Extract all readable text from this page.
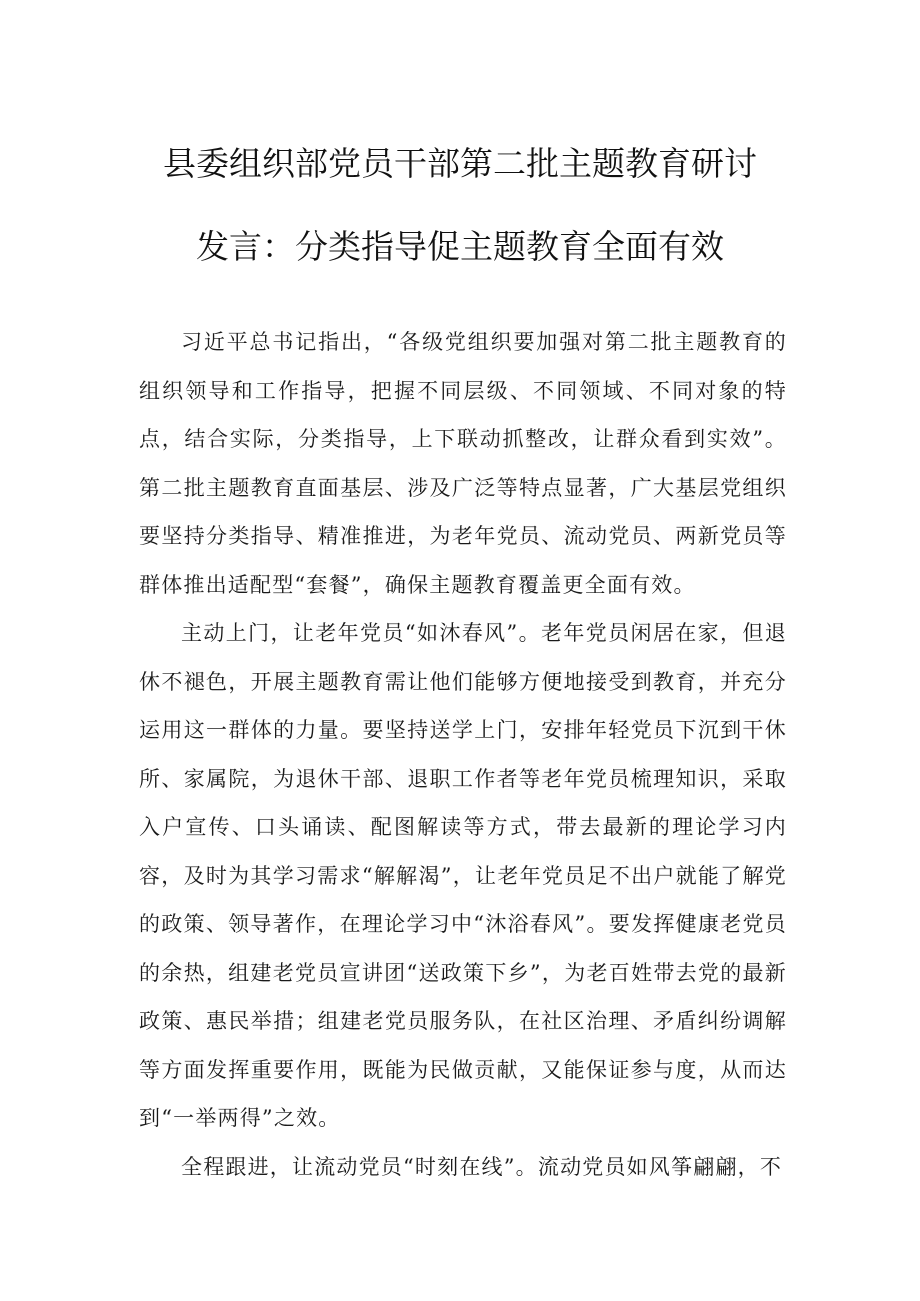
县委组织部党员干部第二批主题教育研讨
发言：分类指导促主题教育全面有效

习近平总书记指出，“各级党组织要加强对第二批主题教育的组织领导和工作指导，把握不同层级、不同领域、不同对象的特点，结合实际，分类指导，上下联动抓整改，让群众看到实效”。第二批主题教育直面基层、涉及广泛等特点显著，广大基层党组织要坚持分类指导、精准推进，为老年党员、流动党员、两新党员等群体推出适配型“套餐”，确保主题教育覆盖更全面有效。

主动上门，让老年党员“如沐春风”。老年党员闲居在家，但退休不褪色，开展主题教育需让他们能够方便地接受到教育，并充分运用这一群体的力量。要坚持送学上门，安排年轻党员下沉到干休所、家属院，为退休干部、退职工作者等老年党员梳理知识，采取入户宣传、口头诵读、配图解读等方式，带去最新的理论学习内容，及时为其学习需求“解解渴”，让老年党员足不出户就能了解党的政策、领导著作，在理论学习中“沐浴春风”。要发挥健康老党员的余热，组建老党员宣讲团“送政策下乡”，为老百姓带去党的最新政策、惠民举措；组建老党员服务队，在社区治理、矛盾纠纷调解等方面发挥重要作用，既能为民做贡献，又能保证参与度，从而达到“一举两得”之效。

全程跟进，让流动党员“时刻在线”。流动党员如风筝翩翩，不
